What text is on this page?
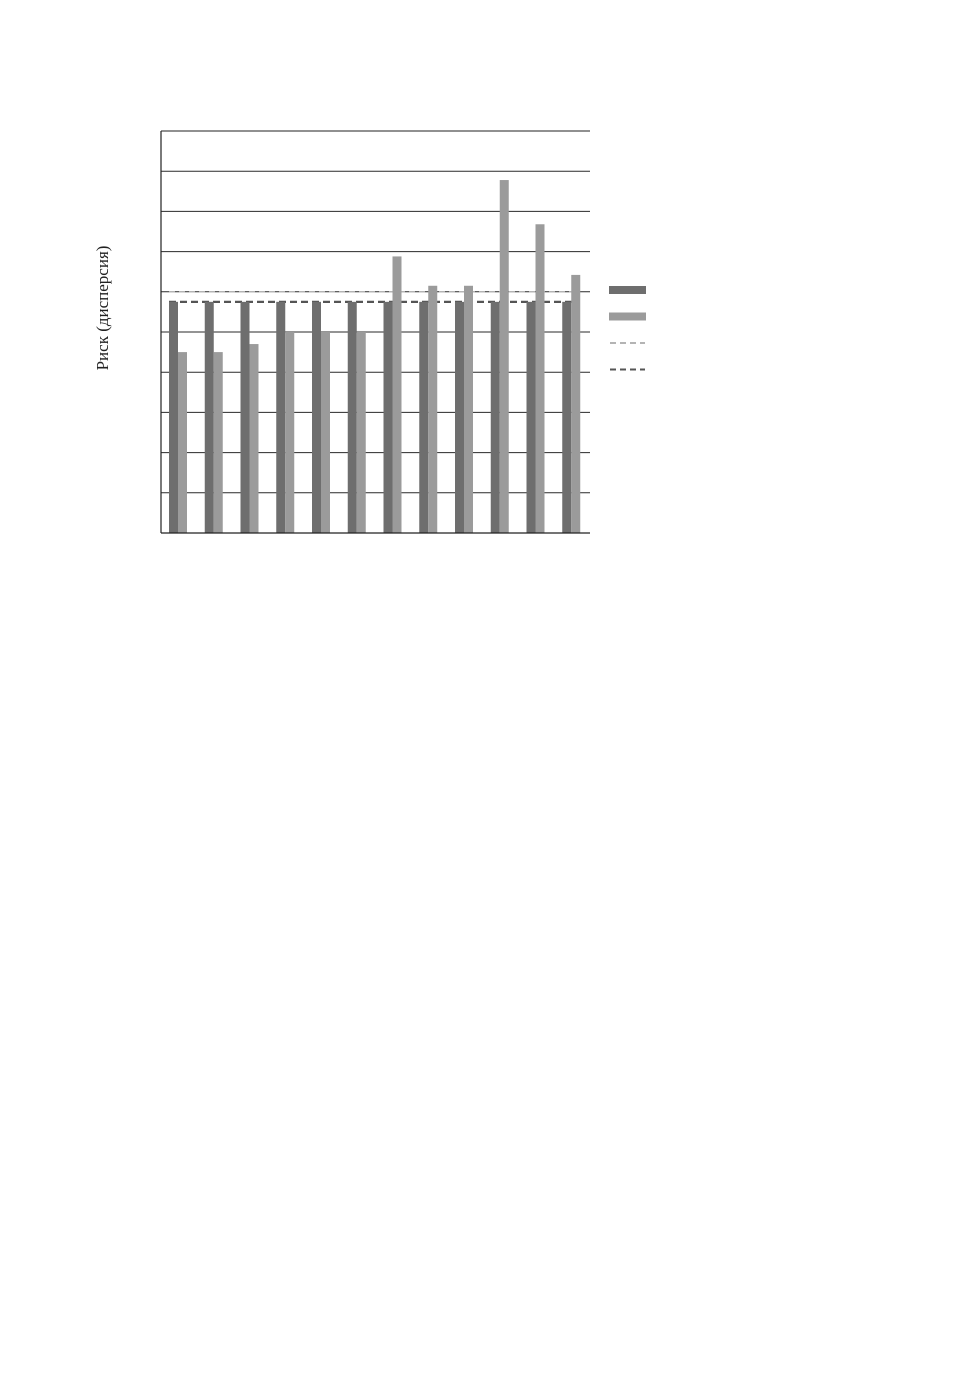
Риск (дисперсия)
